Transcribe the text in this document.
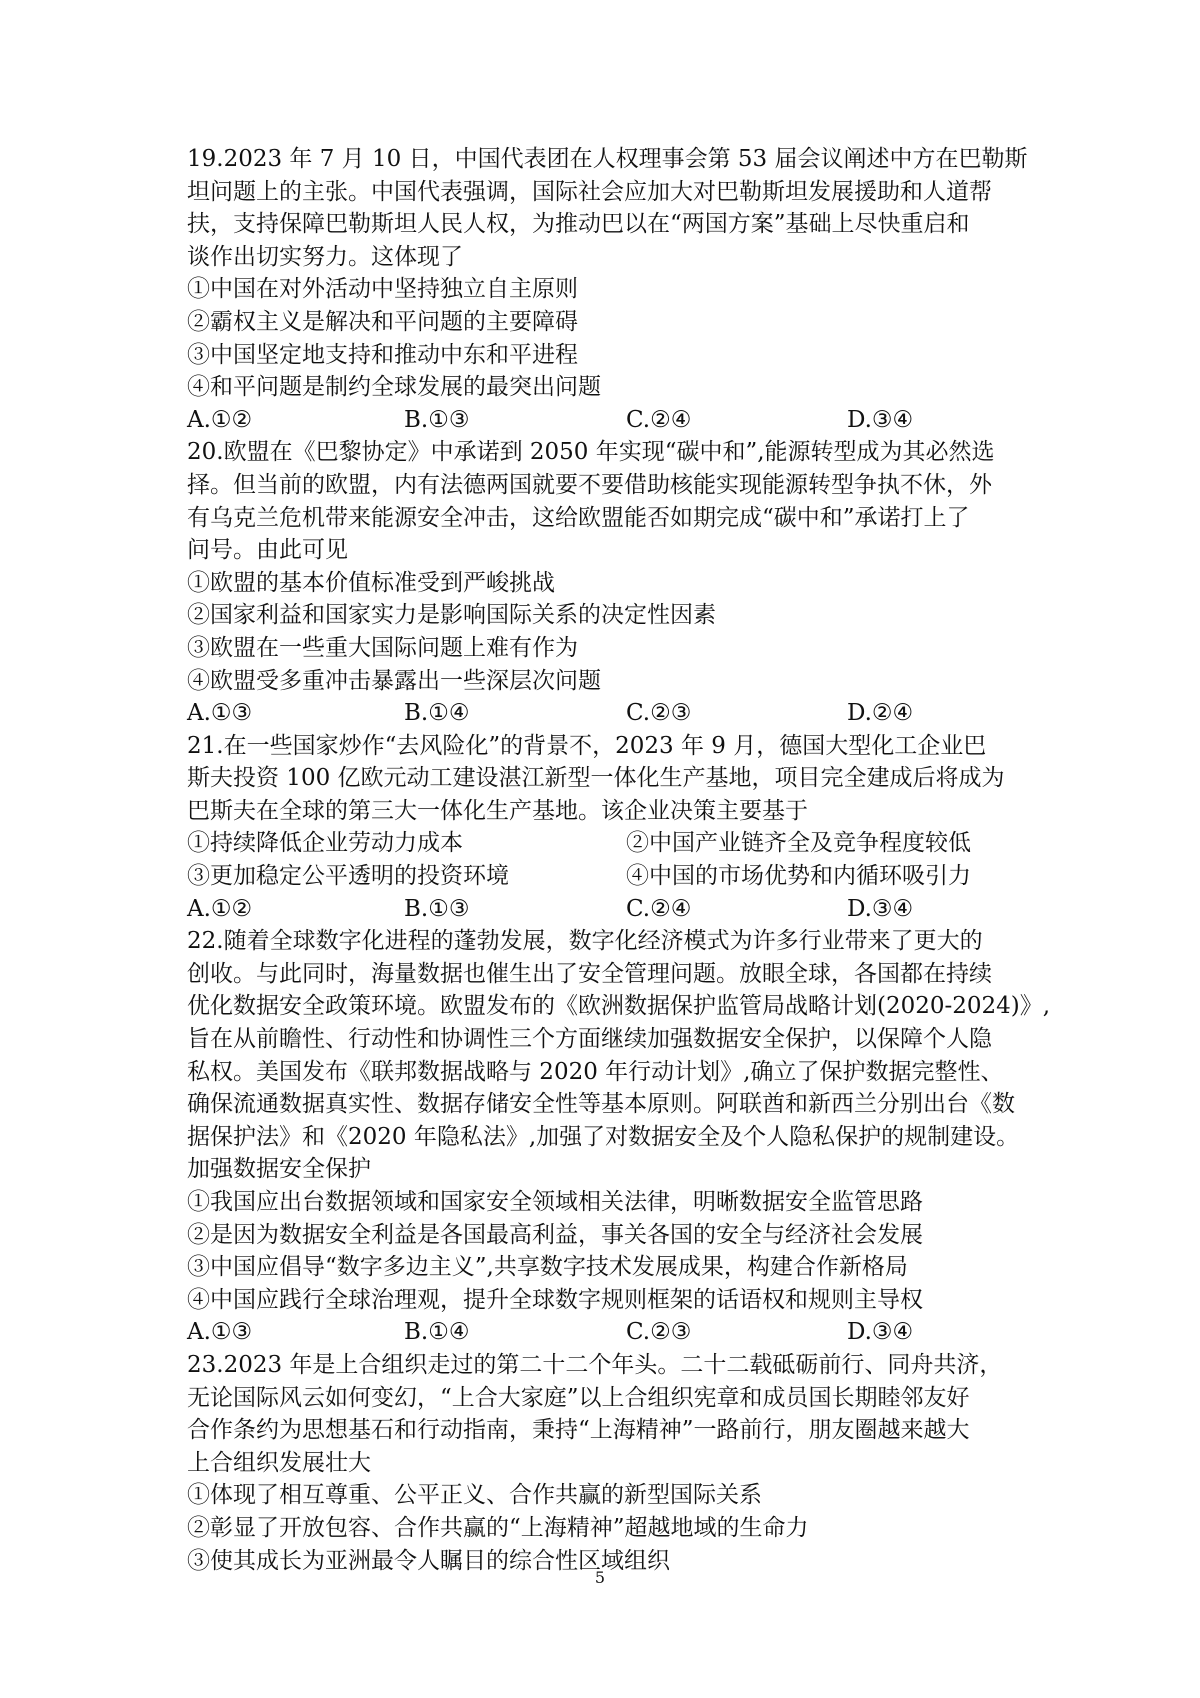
19.2023 年 7 月 10 日，中国代表团在人权理事会第 53 届会议阐述中方在巴勒斯
坦问题上的主张。中国代表强调，国际社会应加大对巴勒斯坦发展援助和人道帮
扶，支持保障巴勒斯坦人民人权，为推动巴以在“两国方案”基础上尽快重启和
谈作出切实努力。这体现了
①中国在对外活动中坚持独立自主原则
②霸权主义是解决和平问题的主要障碍
③中国坚定地支持和推动中东和平进程
④和平问题是制约全球发展的最突出问题
A.①②	B.①③	C.②④	D.③④
20.欧盟在《巴黎协定》中承诺到 2050 年实现“碳中和”,能源转型成为其必然选
择。但当前的欧盟，内有法德两国就要不要借助核能实现能源转型争执不休，外
有乌克兰危机带来能源安全冲击，这给欧盟能否如期完成“碳中和”承诺打上了
问号。由此可见
①欧盟的基本价值标准受到严峻挑战
②国家利益和国家实力是影响国际关系的决定性因素
③欧盟在一些重大国际问题上难有作为
④欧盟受多重冲击暴露出一些深层次问题
A.①③	B.①④	C.②③	D.②④
21.在一些国家炒作“去风险化”的背景不，2023 年 9 月，德国大型化工企业巴
斯夫投资 100 亿欧元动工建设湛江新型一体化生产基地，项目完全建成后将成为
巴斯夫在全球的第三大一体化生产基地。该企业决策主要基于
①持续降低企业劳动力成本	②中国产业链齐全及竞争程度较低
③更加稳定公平透明的投资环境	④中国的市场优势和内循环吸引力
A.①②	B.①③	C.②④	D.③④
22.随着全球数字化进程的蓬勃发展，数字化经济模式为许多行业带来了更大的
创收。与此同时，海量数据也催生出了安全管理问题。放眼全球，各国都在持续
优化数据安全政策环境。欧盟发布的《欧洲数据保护监管局战略计划(2020-2024)》,
旨在从前瞻性、行动性和协调性三个方面继续加强数据安全保护，以保障个人隐
私权。美国发布《联邦数据战略与 2020 年行动计划》,确立了保护数据完整性、
确保流通数据真实性、数据存储安全性等基本原则。阿联酋和新西兰分别出台《数
据保护法》和《2020 年隐私法》,加强了对数据安全及个人隐私保护的规制建设。
加强数据安全保护
①我国应出台数据领域和国家安全领域相关法律，明晰数据安全监管思路
②是因为数据安全利益是各国最高利益，事关各国的安全与经济社会发展
③中国应倡导“数字多边主义”,共享数字技术发展成果，构建合作新格局
④中国应践行全球治理观，提升全球数字规则框架的话语权和规则主导权
A.①③	B.①④	C.②③	D.③④
23.2023 年是上合组织走过的第二十二个年头。二十二载砥砺前行、同舟共济，
无论国际风云如何变幻，“上合大家庭”以上合组织宪章和成员国长期睦邻友好
合作条约为思想基石和行动指南，秉持“上海精神”一路前行，朋友圈越来越大
上合组织发展壮大
①体现了相互尊重、公平正义、合作共赢的新型国际关系
②彰显了开放包容、合作共赢的“上海精神”超越地域的生命力
③使其成长为亚洲最令人瞩目的综合性区域组织
5
